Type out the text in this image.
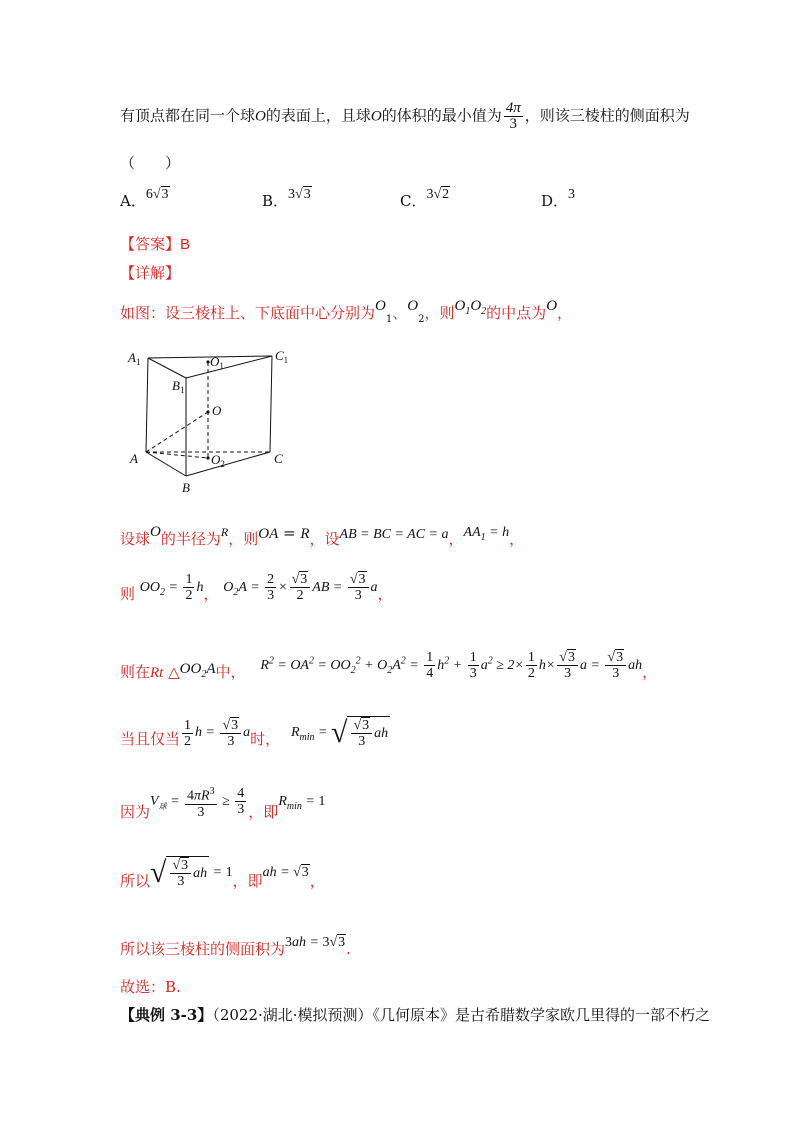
有顶点都在同一个球O的表面上，且球O的体积的最小值为 $\frac{4\pi}{3}$ ，则该三棱柱的侧面积为
（　　）
A．6√3	B．3√3	C．3√2	D．3
【答案】B
【详解】
如图：设三棱柱上、下底面中心分别为$O_1$、$O_2$，则$O_1O_2$的中点为O，
$A_1$	$O_1$
$C_1$
$B_1$
O
A	$O_2$	C
B
设球O的半径为$^R$，则OA = R，设AB = BC = AC = a，$AA_1 = h$，
则 $OO_2 = \frac{1}{2}$ h， $O_2A = \frac{2}{3} \times \frac{√3}{2}$ AB = $\frac{√3}{3}$ a，
则在Rt $\triangle OO_2A$中， $R^2 = OA^2 = OO_2^2 + O_2A^2 = \frac{1}{4} h^2 + \frac{1}{3} a^2 \ge 2\times \frac{1}{2} h\times \frac{√3}{3}$ $a = \frac{√3}{3}$ ah，
当且仅当 $\frac{1}{2}$ $h = \frac{√3}{3}$ a时， $R_{min}$ = √ $\frac{√3}{3}$ ah
因为$V_球 = \frac{4\pi R^3}{3} \ge \frac{4}{3}$ ，即$R_{min} = 1$
所以 √ $\frac{√3}{3}$ ah = 1，即ah = √3，
所以该三棱柱的侧面积为3ah = 3√3.
故选：B.
【典例 3-3】（2022·湖北·模拟预测）《几何原本》是古希腊数学家欧几里得的一部不朽之
